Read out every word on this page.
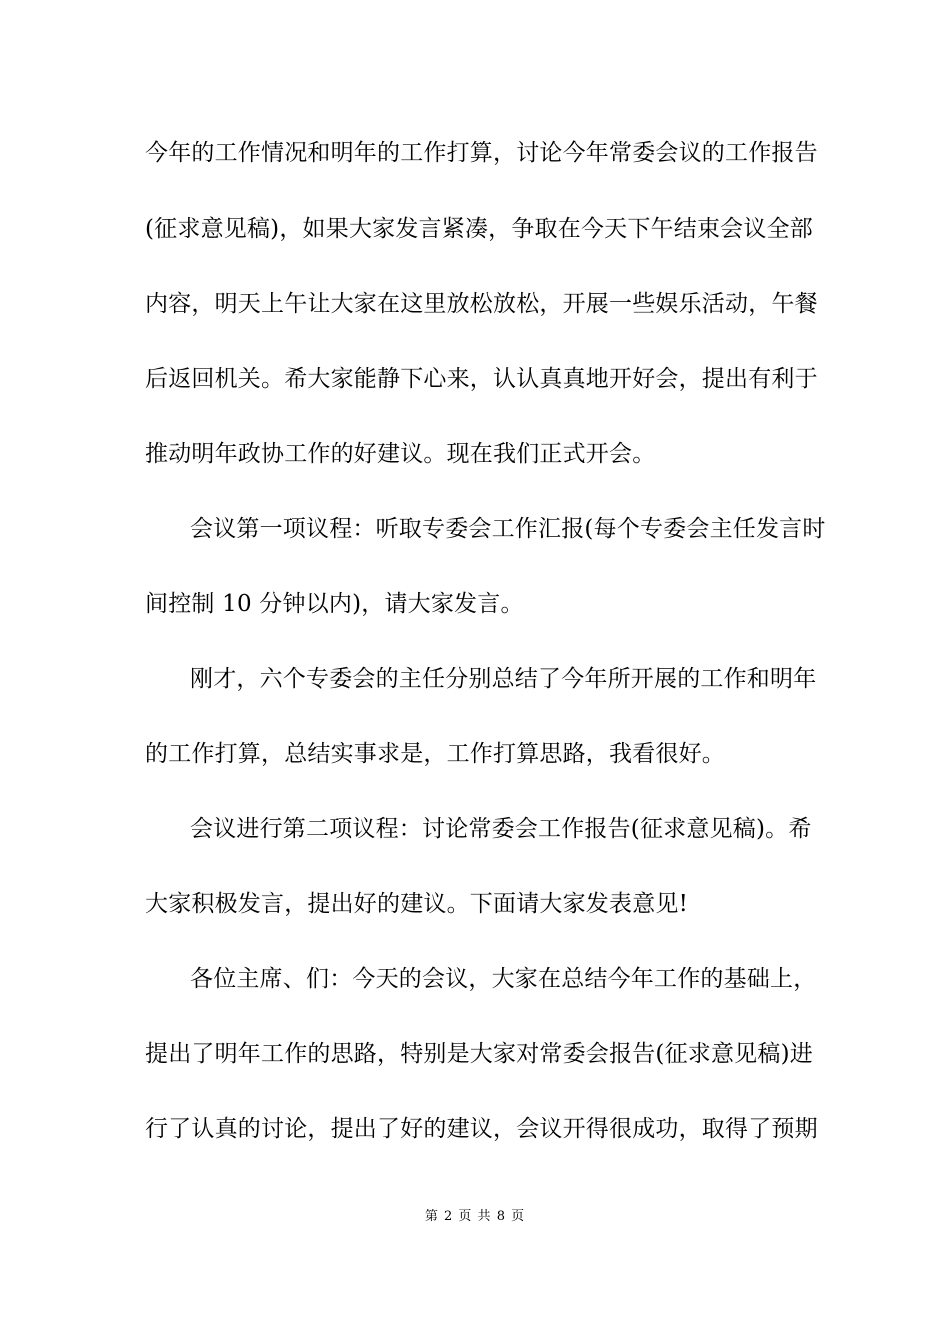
今年的工作情况和明年的工作打算，讨论今年常委会议的工作报告
(征求意见稿)，如果大家发言紧凑，争取在今天下午结束会议全部
内容，明天上午让大家在这里放松放松，开展一些娱乐活动，午餐
后返回机关。希大家能静下心来，认认真真地开好会，提出有利于
推动明年政协工作的好建议。现在我们正式开会。
会议第一项议程：听取专委会工作汇报(每个专委会主任发言时
间控制 10 分钟以内)，请大家发言。
刚才，六个专委会的主任分别总结了今年所开展的工作和明年
的工作打算，总结实事求是，工作打算思路，我看很好。
会议进行第二项议程：讨论常委会工作报告(征求意见稿)。希
大家积极发言，提出好的建议。下面请大家发表意见!
各位主席、们：今天的会议，大家在总结今年工作的基础上，
提出了明年工作的思路，特别是大家对常委会报告(征求意见稿)进
行了认真的讨论，提出了好的建议，会议开得很成功，取得了预期
第 2 页 共 8 页
